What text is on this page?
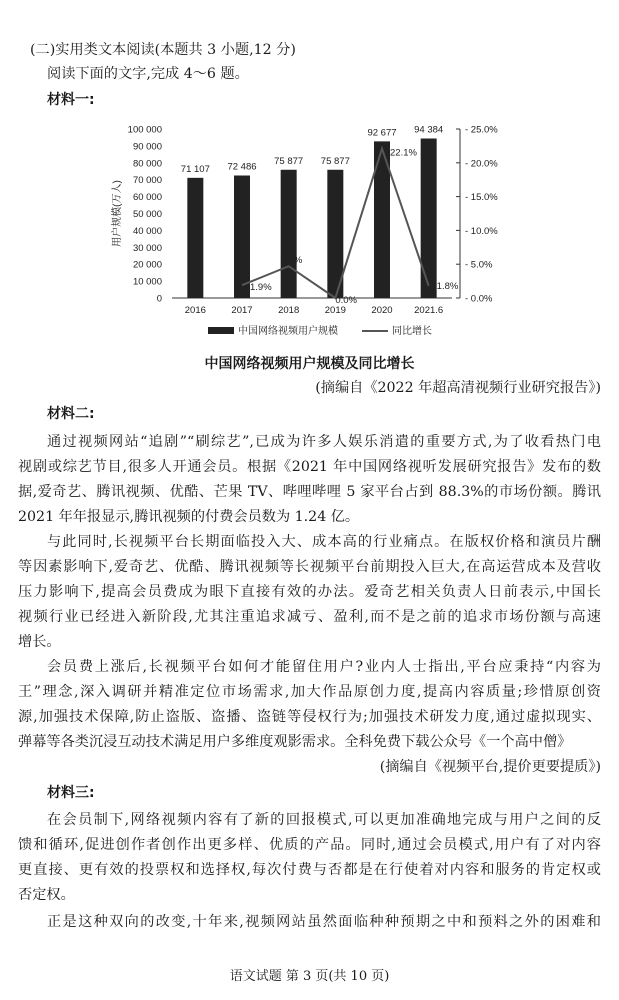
(二)实用类文本阅读(本题共 3 小题,12 分)
阅读下面的文字,完成 4～6 题。
材料一:
用户规模(万人)
0
10 000
20 000
30 000
40 000
50 000
60 000
70 000
80 000
90 000
100 000
- 0.0%
- 5.0%
- 10.0%
- 15.0%
- 20.0%
- 25.0%
71 107 72 486
75 877 75 877
92 677 94 384
2016	2017	2018	2019	2020 2021.6
1.9%
4.7%
0.0%
22.1%
1.8%
中国网络视频用户规模	同比增长
中国网络视频用户规模及同比增长
(摘编自《2022 年超高清视频行业研究报告》)
材料二:
通过视频网站“追剧”“刷综艺”,已成为许多人娱乐消遣的重要方式,为了收看热门电
视剧或综艺节目,很多人开通会员。根据《2021 年中国网络视听发展研究报告》发布的数
据,爱奇艺、腾讯视频、优酷、芒果 TV、哔哩哔哩 5 家平台占到 88.3%的市场份额。腾讯
2021 年年报显示,腾讯视频的付费会员数为 1.24 亿。
与此同时,长视频平台长期面临投入大、成本高的行业痛点。在版权价格和演员片酬
等因素影响下,爱奇艺、优酷、腾讯视频等长视频平台前期投入巨大,在高运营成本及营收
压力影响下,提高会员费成为眼下直接有效的办法。爱奇艺相关负责人日前表示,中国长
视频行业已经进入新阶段,尤其注重追求减亏、盈利,而不是之前的追求市场份额与高速
增长。
会员费上涨后,长视频平台如何才能留住用户?业内人士指出,平台应秉持“内容为
王”理念,深入调研并精准定位市场需求,加大作品原创力度,提高内容质量;珍惜原创资
源,加强技术保障,防止盗版、盗播、盗链等侵权行为;加强技术研发力度,通过虚拟现实、
弹幕等各类沉浸互动技术满足用户多维度观影需求。全科免费下载公众号《一个高中僧》
(摘编自《视频平台,提价更要提质》)
材料三:
在会员制下,网络视频内容有了新的回报模式,可以更加准确地完成与用户之间的反
馈和循环,促进创作者创作出更多样、优质的产品。同时,通过会员模式,用户有了对内容
更直接、更有效的投票权和选择权,每次付费与否都是在行使着对内容和服务的肯定权或
否定权。
正是这种双向的改变,十年来,视频网站虽然面临种种预期之中和预料之外的困难和
语文试题 第 3 页(共 10 页)
